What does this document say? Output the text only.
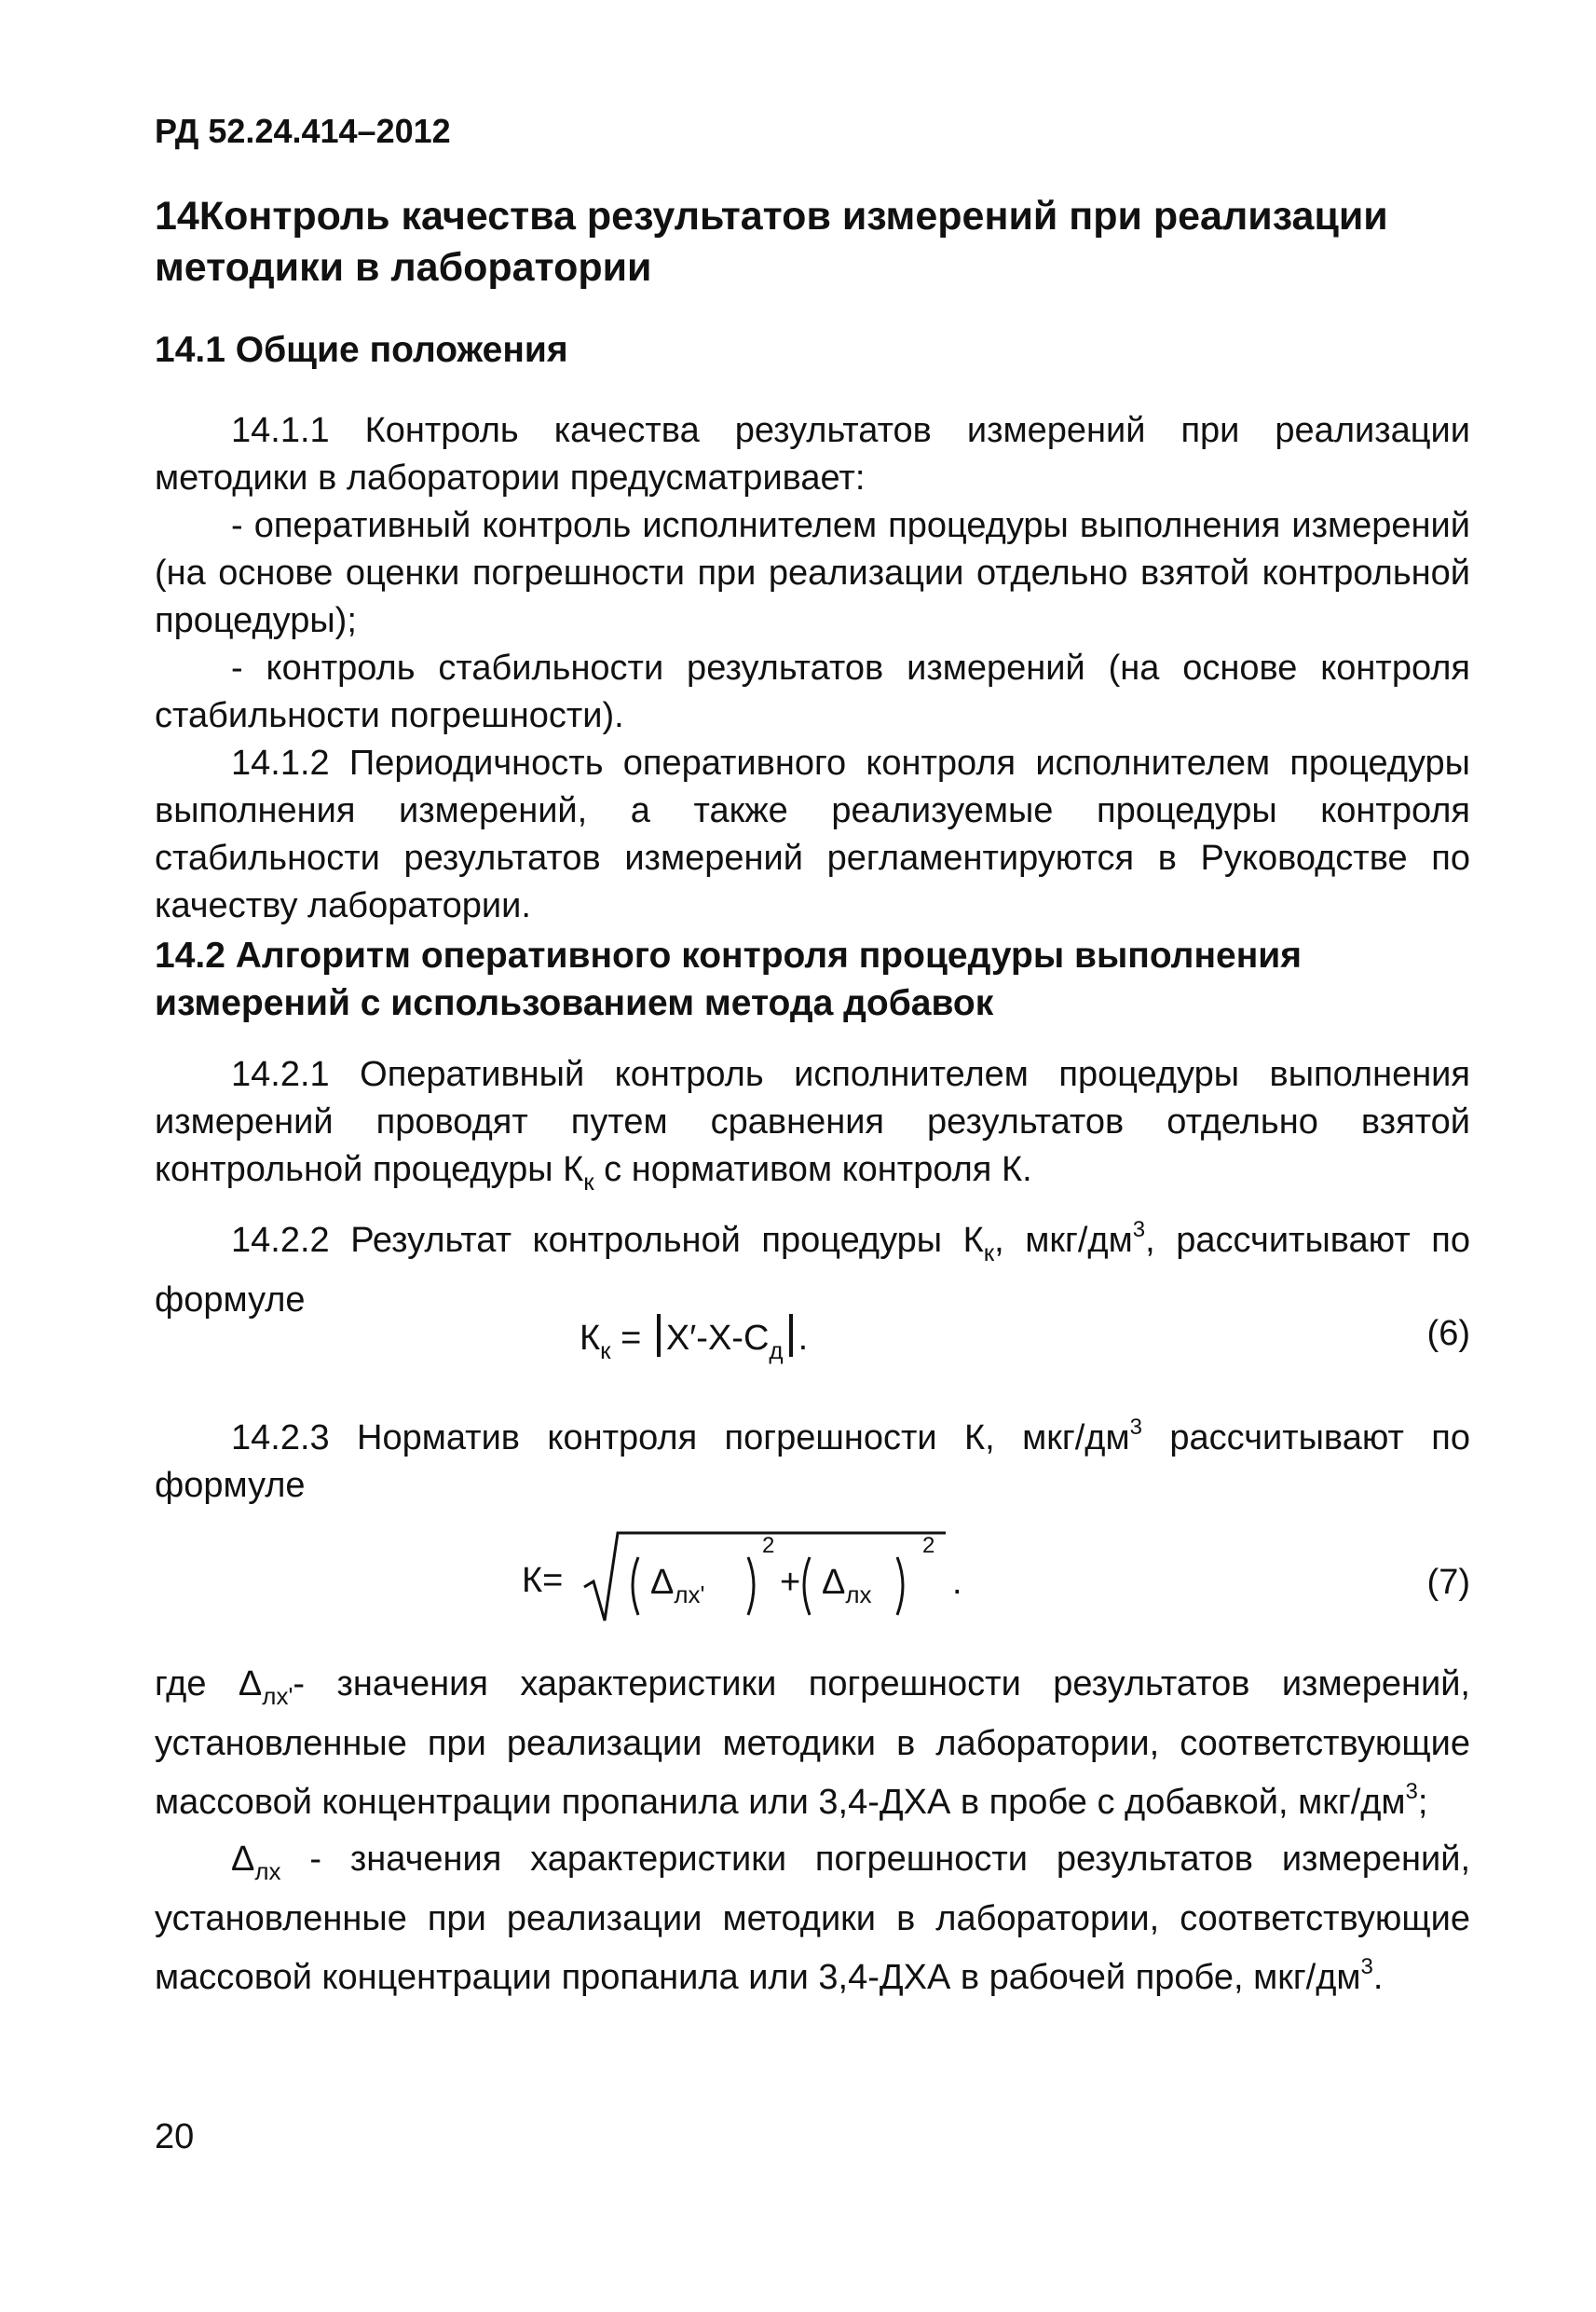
РД 52.24.414–2012
14Контроль качества результатов измерений при реализации методики в лаборатории
14.1 Общие положения

14.1.1 Контроль качества результатов измерений при реализации методики в лаборатории предусматривает:

- оперативный контроль исполнителем процедуры выполнения измерений (на основе оценки погрешности при реализации отдельно взятой контрольной процедуры);

- контроль стабильности результатов измерений (на основе контроля стабильности погрешности).

14.1.2 Периодичность оперативного контроля исполнителем процедуры выполнения измерений, а также реализуемые процедуры контроля стабильности результатов измерений регламентируются в Руководстве по качеству лаборатории.

14.2 Алгоритм оперативного контроля процедуры выполнения измерений с использованием метода добавок

14.2.1 Оперативный контроль исполнителем процедуры выполнения измерений проводят путем сравнения результатов отдельно взятой контрольной процедуры $К_к$ с нормативом контроля К.

14.2.2 Результат контрольной процедуры $К_к$, мкг/$дм^3$, рассчитывают по формуле

$К_к = X'-X-С_д$ .	(6)

14.2.3 Норматив контроля погрешности К, мкг/$дм^3$ рассчитывают по формуле

$К= \Delta_{лх'}$
2
+ $\Delta_{лх}$
2
.	(7)

где $\Delta_{лх'}-$ значения характеристики погрешности результатов измерений, установленные при реализации методики в лаборатории, соответствующие массовой концентрации пропанила или 3,4-ДХА в пробе с добавкой, мкг/$дм^3$;

$\Delta_{лх}$ - значения характеристики погрешности результатов измерений, установленные при реализации методики в лаборатории, соответствующие массовой концентрации пропанила или 3,4-ДХА в рабочей пробе, мкг/$дм^3$.

20
